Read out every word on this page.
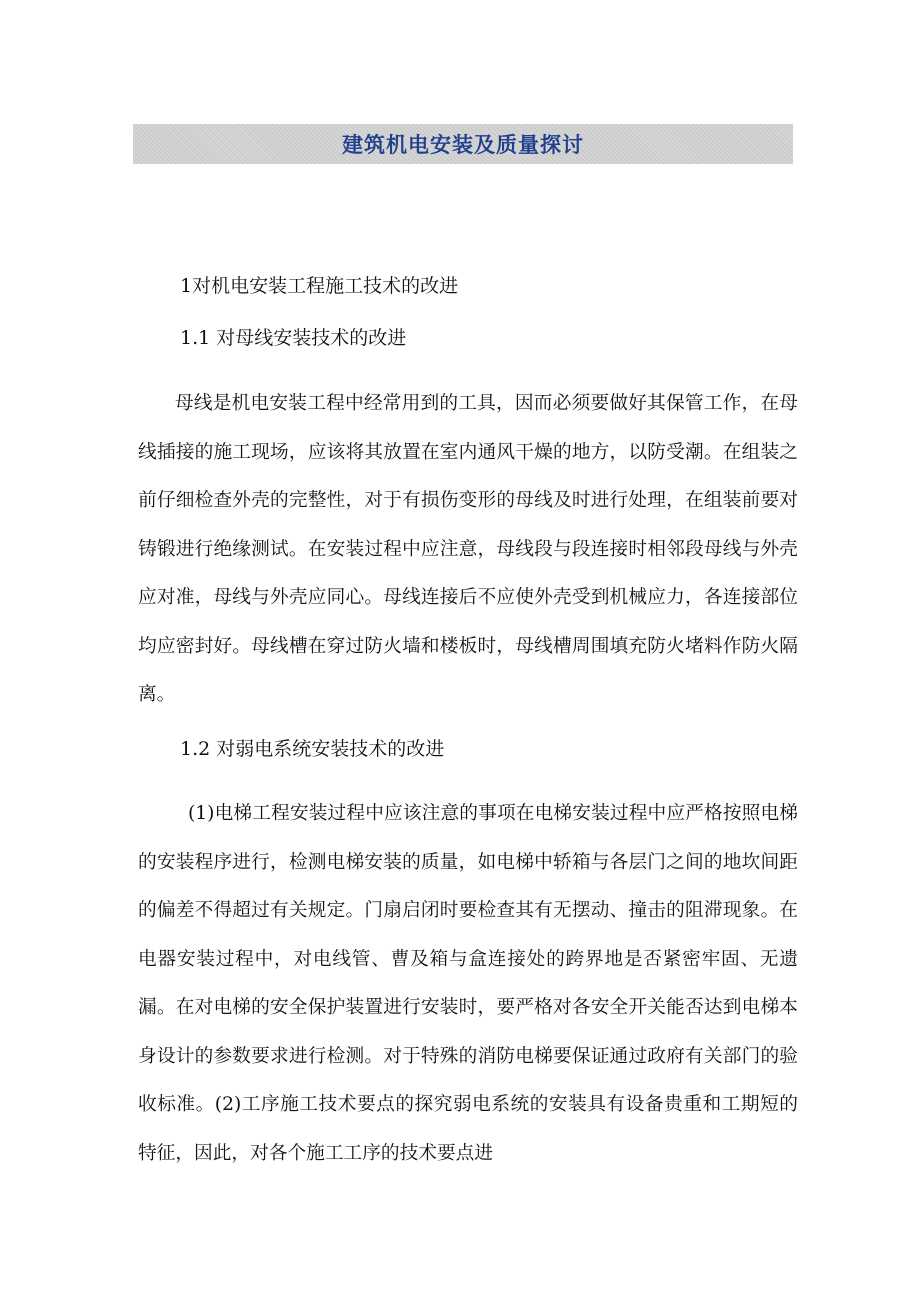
建筑机电安装及质量探讨
1对机电安装工程施工技术的改进
1.1 对母线安装技术的改进

母线是机电安装工程中经常用到的工具，因而必须要做好其保管工作，在母线插接的施工现场，应该将其放置在室内通风干燥的地方，以防受潮。在组装之前仔细检查外壳的完整性，对于有损伤变形的母线及时进行处理，在组装前要对铸锻进行绝缘测试。在安装过程中应注意，母线段与段连接时相邻段母线与外壳应对准，母线与外壳应同心。母线连接后不应使外壳受到机械应力，各连接部位均应密封好。母线槽在穿过防火墙和楼板时，母线槽周围填充防火堵料作防火隔离。

1.2 对弱电系统安装技术的改进

(1)电梯工程安装过程中应该注意的事项在电梯安装过程中应严格按照电梯的安装程序进行，检测电梯安装的质量，如电梯中轿箱与各层门之间的地坎间距的偏差不得超过有关规定。门扇启闭时要检查其有无摆动、撞击的阻滞现象。在电器安装过程中，对电线管、曹及箱与盒连接处的跨界地是否紧密牢固、无遗漏。在对电梯的安全保护装置进行安装时，要严格对各安全开关能否达到电梯本身设计的参数要求进行检测。对于特殊的消防电梯要保证通过政府有关部门的验收标准。(2)工序施工技术要点的探究弱电系统的安装具有设备贵重和工期短的特征，因此，对各个施工工序的技术要点进
